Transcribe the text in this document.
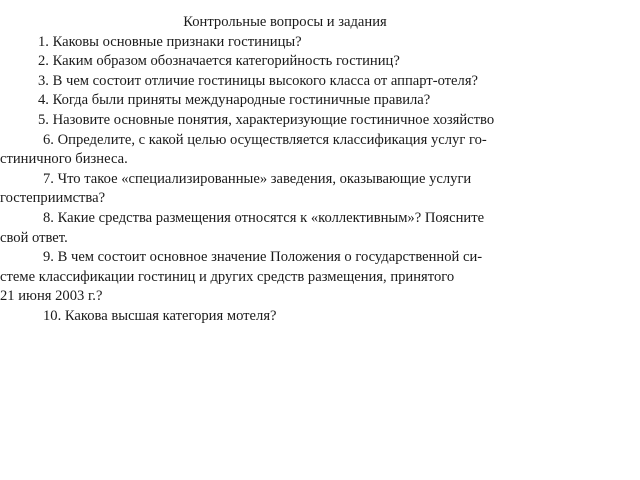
Контрольные вопросы и задания
1. Каковы основные признаки гостиницы?
2. Каким образом обозначается категорийность гостиниц?
3. В чем состоит отличие гостиницы высокого класса от аппарт-отеля?
4. Когда были приняты международные гостиничные правила?
5. Назовите основные понятия, характеризующие гостиничное хозяйство
6. Определите, с какой целью осуществляется классификация услуг го-
стиничного бизнеса.
7. Что такое «специализированные» заведения, оказывающие услуги
гостеприимства?
8. Какие средства размещения относятся к «коллективным»? Поясните
свой ответ.
9. В чем состоит основное значение Положения о государственной си-
стеме классификации гостиниц и других средств размещения, принятого
21 июня 2003 г.?
10. Какова высшая категория мотеля?
